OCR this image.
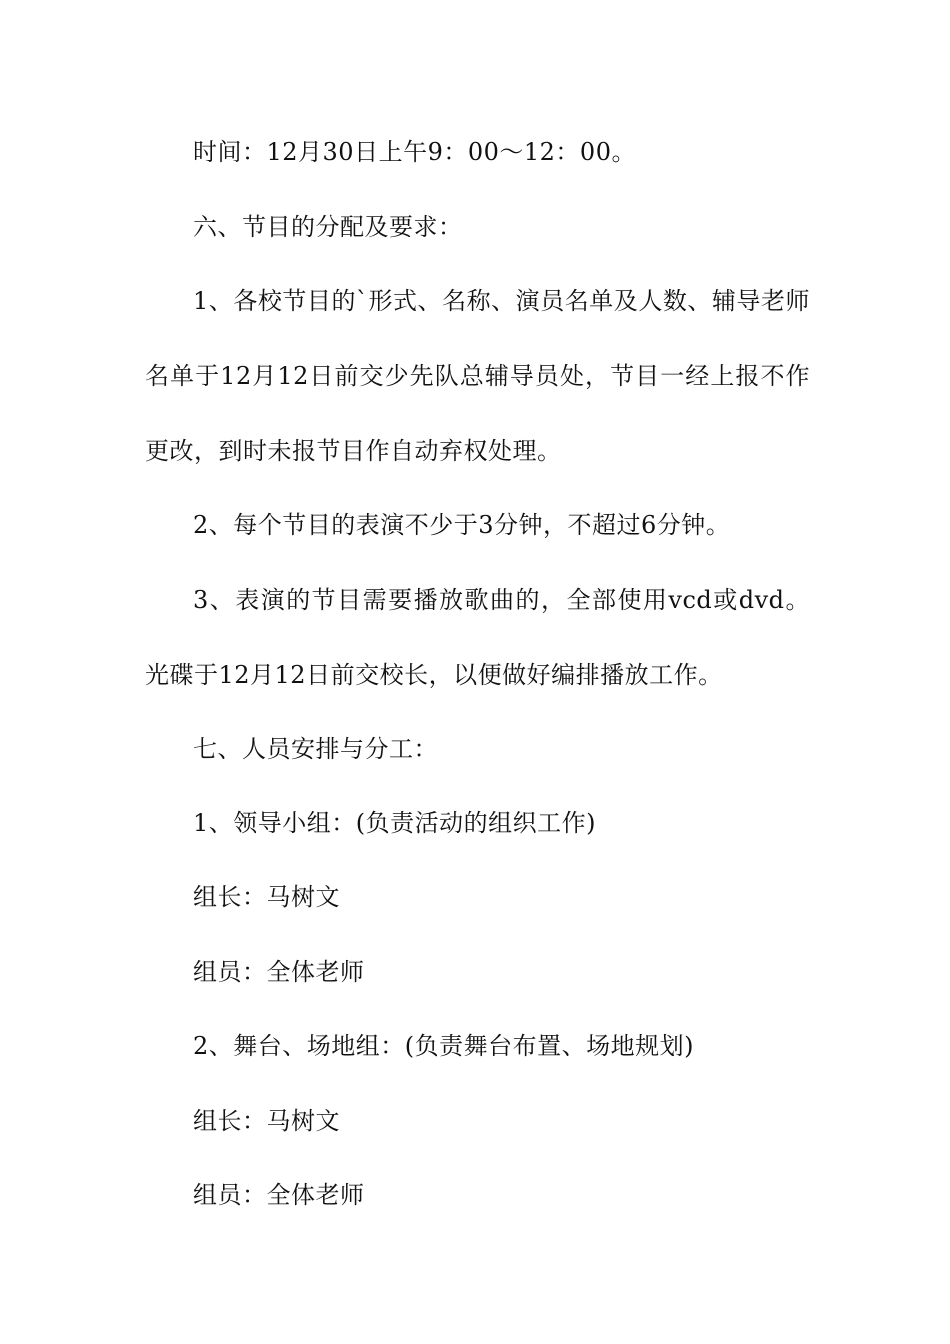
时间：12月30日上午9：00～12：00。

六、节目的分配及要求：

1、各校节目的`形式、名称、演员名单及人数、辅导老师名单于12月12日前交少先队总辅导员处，节目一经上报不作更改，到时未报节目作自动弃权处理。

2、每个节目的表演不少于3分钟，不超过6分钟。

3、表演的节目需要播放歌曲的，全部使用vcd或dvd。光碟于12月12日前交校长，以便做好编排播放工作。

七、人员安排与分工：

1、领导小组：(负责活动的组织工作)

组长：马树文

组员：全体老师

2、舞台、场地组：(负责舞台布置、场地规划)

组长：马树文

组员：全体老师
